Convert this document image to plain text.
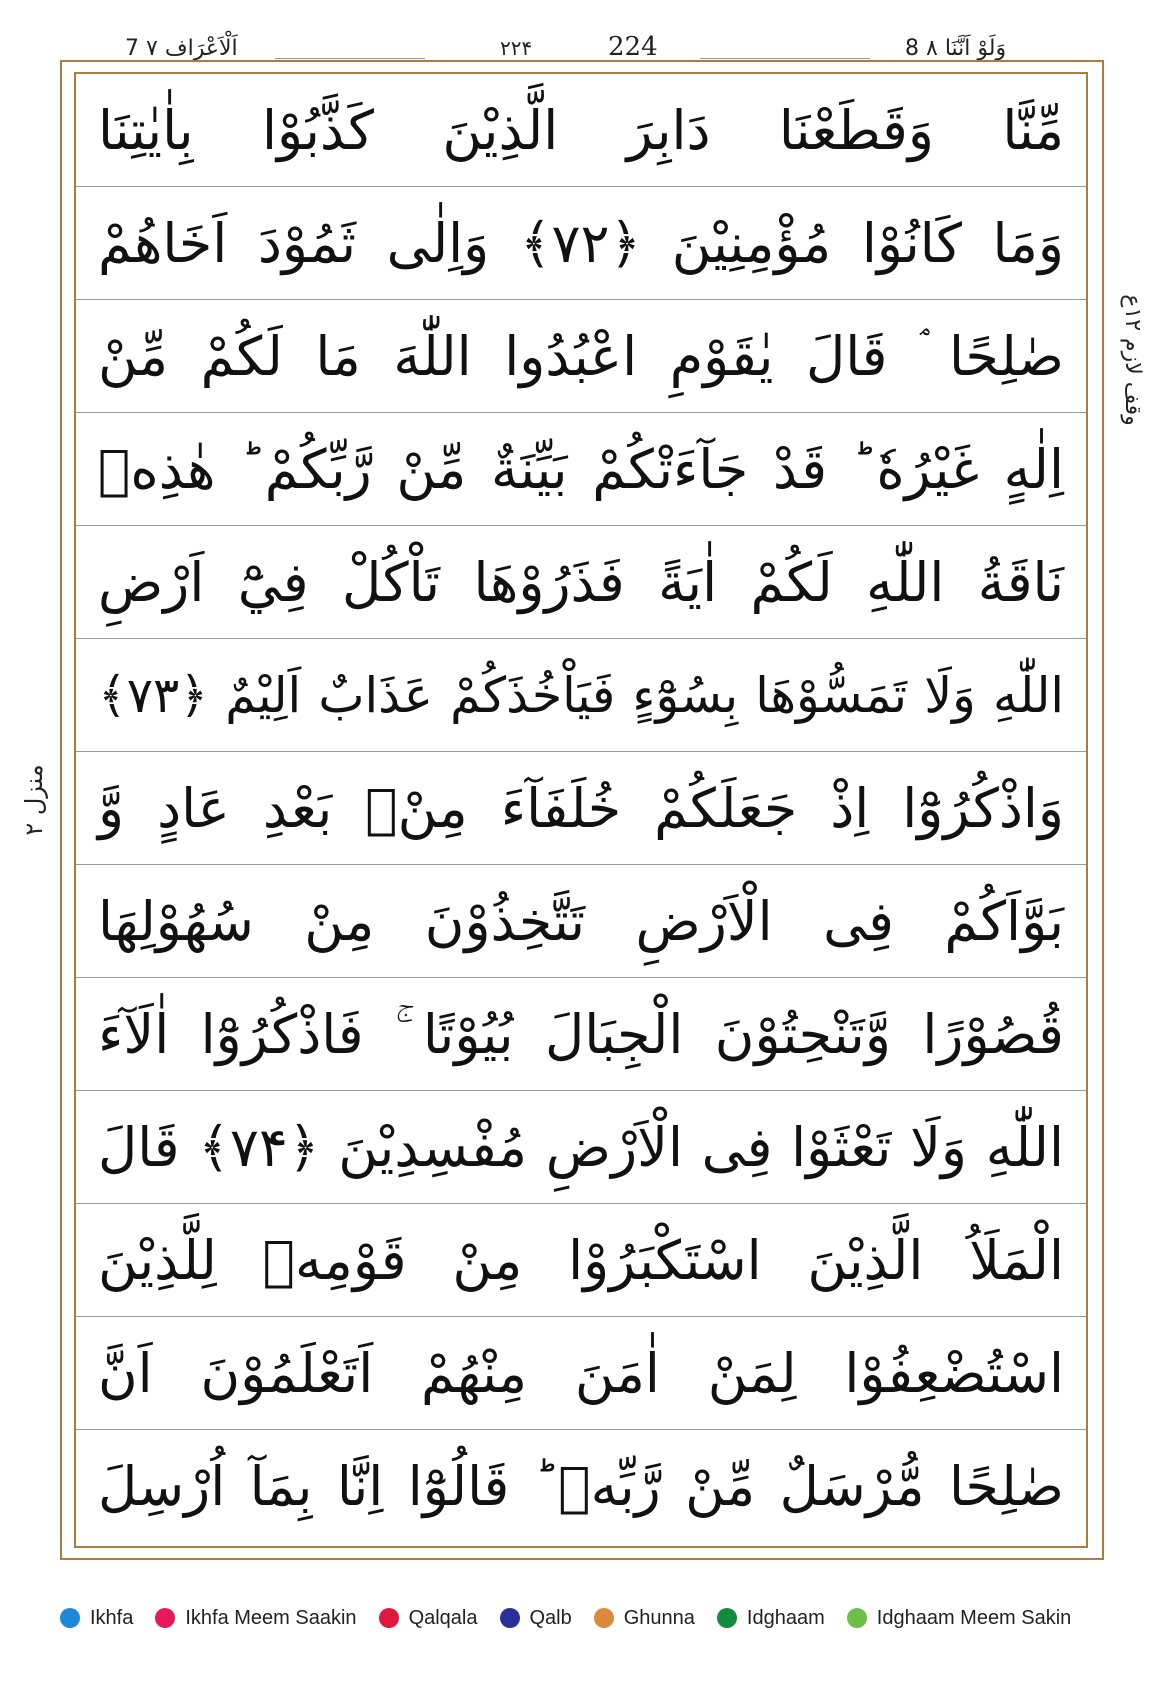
7 اَلْاَعْرَاف ۷	۲۲۴	224	8 وَلَوْ اَنَّنَا ۸
مِّنَّا وَقَطَعْنَا دَابِرَ الَّذِيْنَ كَذَّبُوْا بِاٰيٰتِنَا
وَمَا كَانُوْا مُؤْمِنِيْنَ ﴿۷۲﴾ وَاِلٰى ثَمُوْدَ اَخَاهُمْ
صٰلِحًا ۘ قَالَ يٰقَوْمِ اعْبُدُوا اللّٰهَ مَا لَكُمْ مِّنْ
اِلٰهٍ غَيْرُهٗ ؕ قَدْ جَآءَتْكُمْ بَيِّنَةٌ مِّنْ رَّبِّكُمْ ؕ هٰذِهٖ
نَاقَةُ اللّٰهِ لَكُمْ اٰيَةً فَذَرُوْهَا تَاْكُلْ فِيْٓ اَرْضِ
اللّٰهِ وَلَا تَمَسُّوْهَا بِسُوْٓءٍ فَيَاْخُذَكُمْ عَذَابٌ اَلِيْمٌ ﴿۷۳﴾
وَاذْكُرُوْٓا اِذْ جَعَلَكُمْ خُلَفَآءَ مِنْۢ بَعْدِ عَادٍ وَّ
بَوَّاَكُمْ فِى الْاَرْضِ تَتَّخِذُوْنَ مِنْ سُهُوْلِهَا
قُصُوْرًا وَّتَنْحِتُوْنَ الْجِبَالَ بُيُوْتًا ۚ فَاذْكُرُوْٓا اٰلَآءَ
اللّٰهِ وَلَا تَعْثَوْا فِى الْاَرْضِ مُفْسِدِيْنَ ﴿۷۴﴾ قَالَ
الْمَلَاُ الَّذِيْنَ اسْتَكْبَرُوْا مِنْ قَوْمِهٖ لِلَّذِيْنَ
اسْتُضْعِفُوْا لِمَنْ اٰمَنَ مِنْهُمْ اَتَعْلَمُوْنَ اَنَّ
صٰلِحًا مُّرْسَلٌ مِّنْ رَّبِّهٖ ؕ قَالُوْٓا اِنَّا بِمَآ اُرْسِلَ
وقف لازم ۱۲ع
منزل ۲
Ikhfa	Ikhfa Meem Saakin	Qalqala	Qalb	Ghunna	Idghaam	Idghaam Meem Sakin
